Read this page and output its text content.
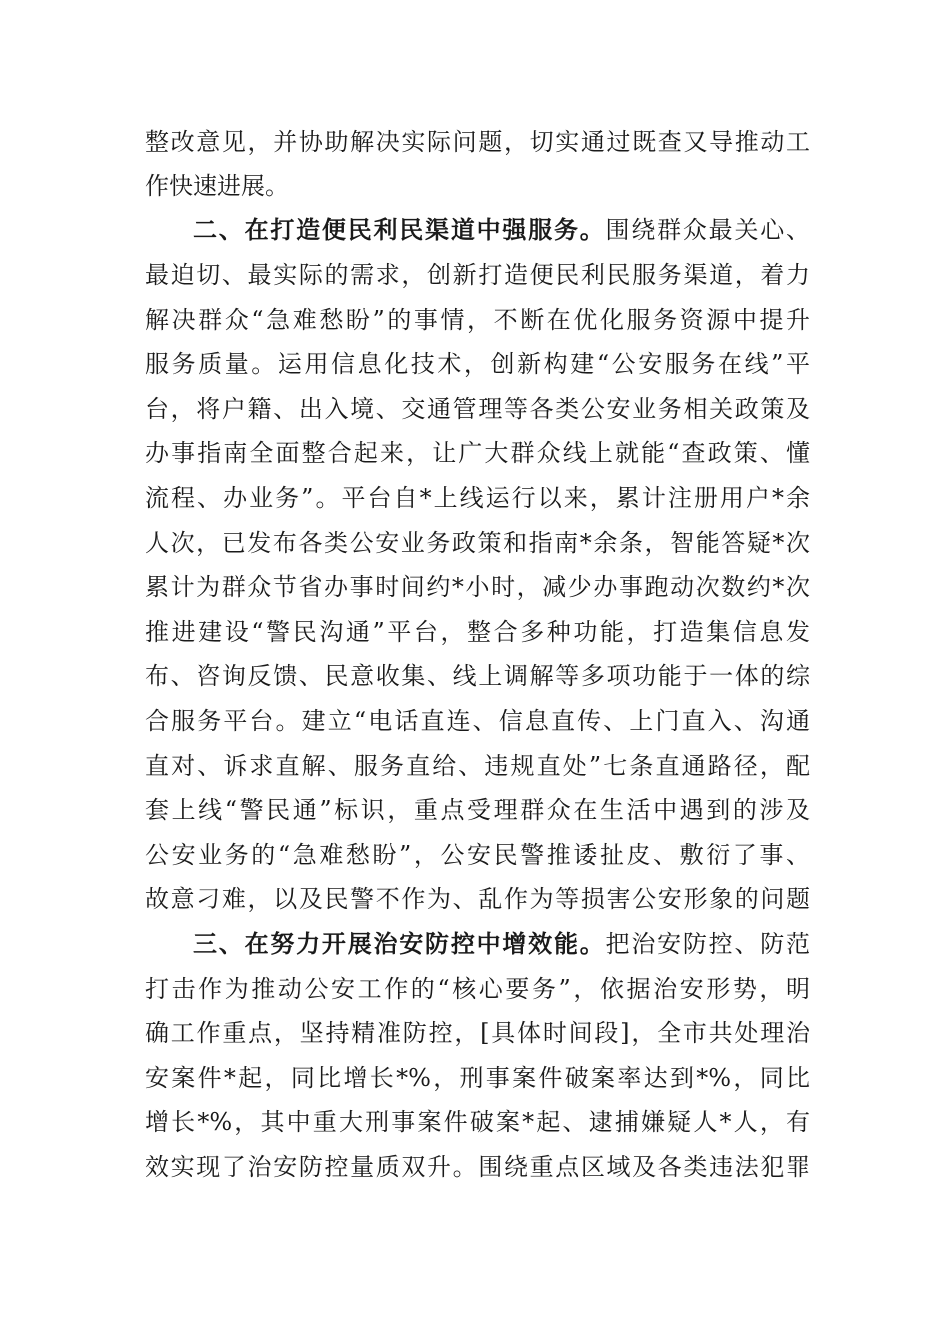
整改意见，并协助解决实际问题，切实通过既查又导推动工
作快速进展。
二、在打造便民利民渠道中强服务。围绕群众最关心、
最迫切、最实际的需求，创新打造便民利民服务渠道，着力
解决群众“急难愁盼”的事情，不断在优化服务资源中提升
服务质量。运用信息化技术，创新构建“公安服务在线”平
台，将户籍、出入境、交通管理等各类公安业务相关政策及
办事指南全面整合起来，让广大群众线上就能“查政策、懂
流程、办业务”。平台自*上线运行以来，累计注册用户*余
人次，已发布各类公安业务政策和指南*余条，智能答疑*次
累计为群众节省办事时间约*小时，减少办事跑动次数约*次
推进建设“警民沟通”平台，整合多种功能，打造集信息发
布、咨询反馈、民意收集、线上调解等多项功能于一体的综
合服务平台。建立“电话直连、信息直传、上门直入、沟通
直对、诉求直解、服务直给、违规直处”七条直通路径，配
套上线“警民通”标识，重点受理群众在生活中遇到的涉及
公安业务的“急难愁盼”，公安民警推诿扯皮、敷衍了事、
故意刁难，以及民警不作为、乱作为等损害公安形象的问题
三、在努力开展治安防控中增效能。把治安防控、防范
打击作为推动公安工作的“核心要务”，依据治安形势，明
确工作重点，坚持精准防控，[具体时间段]，全市共处理治
安案件*起，同比增长*%，刑事案件破案率达到*%，同比
增长*%，其中重大刑事案件破案*起、逮捕嫌疑人*人，有
效实现了治安防控量质双升。围绕重点区域及各类违法犯罪
